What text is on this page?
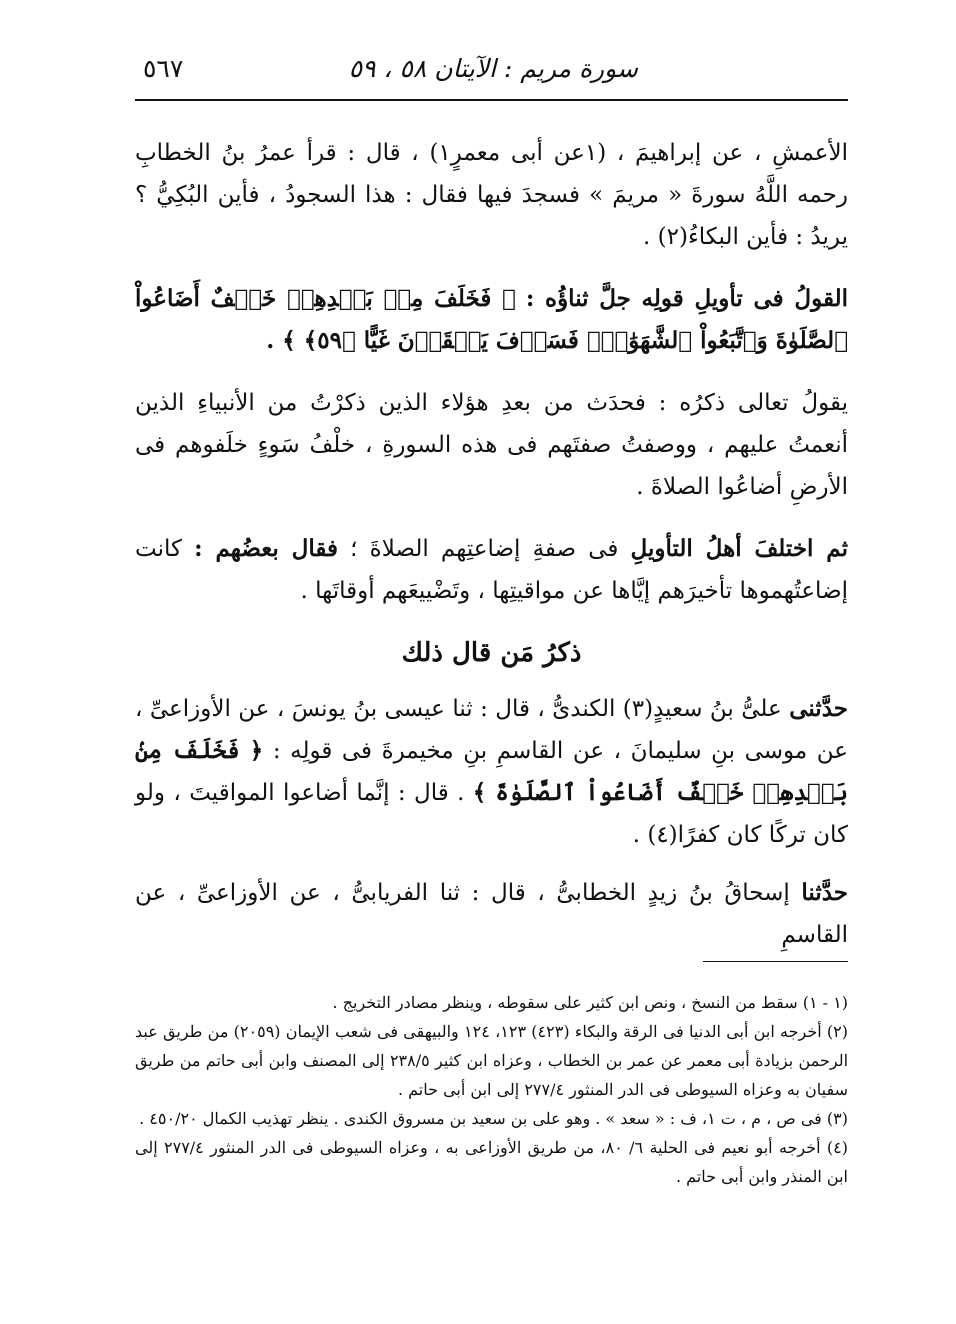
سورة مريم : الآيتان ٥٨ ، ٥٩
٥٦٧

الأعمشِ ، عن إبراهيمَ ، (١عن أبى معمرٍ١) ، قال : قرأ عمرُ بنُ الخطابِ رحمه اللَّهُ سورةَ « مريمَ » فسجدَ فيها فقال : هذا السجودُ ، فأين البُكِيُّ ؟ يريدُ : فأين البكاءُ(٢) .

القولُ فى تأويلِ قولِه جلَّ ثناؤُه : ﴿ فَخَلَفَ مِنۢ بَعۡدِهِمۡ خَلۡفٌ أَضَاعُواْ ٱلصَّلَوٰةَ وَٱتَّبَعُواْ ٱلشَّهَوَٰتِۖ فَسَوۡفَ يَلۡقَوۡنَ غَيًّا ﴿٥٩﴾ ﴾ .

يقولُ تعالى ذكرُه : فحدَث من بعدِ هؤلاء الذين ذكرْتُ من الأنبياءِ الذين أنعمتُ عليهم ، ووصفتُ صفتَهم فى هذه السورةِ ، خلْفُ سَوءٍ خلَفوهم فى الأرضِ أضاعُوا الصلاةَ .

ثم اختلفَ أهلُ التأويلِ فى صفةِ إضاعتِهم الصلاةَ ؛ فقال بعضُهم : كانت إضاعتُهموها تأخيرَهم إيَّاها عن مواقيتِها ، وتَضْييعَهم أوقاتَها .

ذكرُ مَن قال ذلك

حدَّثنى علىُّ بنُ سعيدٍ(٣) الكندىُّ ، قال : ثنا عيسى بنُ يونسَ ، عن الأوزاعىِّ ، عن موسى بنِ سليمانَ ، عن القاسمِ بنِ مخيمرةَ فى قولِه : ﴿ فَخَلَفَ مِنۢ بَعۡدِهِمۡ خَلۡفٌ أَضَاعُواْ ٱلصَّلَوٰةَ ﴾ . قال : إنَّما أضاعوا المواقيتَ ، ولو كان تركًا كان كفرًا(٤) .

حدَّثنا إسحاقُ بنُ زيدٍ الخطابىُّ ، قال : ثنا الفريابىُّ ، عن الأوزاعىِّ ، عن القاسمِ

(١ - ١) سقط من النسخ ، ونص ابن كثير على سقوطه ، وينظر مصادر التخريج .

(٢) أخرجه ابن أبى الدنيا فى الرقة والبكاء (٤٢٣) ١٢٣، ١٢٤ والبيهقى فى شعب الإيمان (٢٠٥٩) من طريق عبد الرحمن بزيادة أبى معمر عن عمر بن الخطاب ، وعزاه ابن كثير ٢٣٨/٥ إلى المصنف وابن أبى حاتم من طريق سفيان به وعزاه السيوطى فى الدر المنثور ٢٧٧/٤ إلى ابن أبى حاتم .

(٣) فى ص ، م ، ت ١، ف : « سعد » . وهو على بن سعيد بن مسروق الكندى . ينظر تهذيب الكمال ٤٥٠/٢٠ .

(٤) أخرجه أبو نعيم فى الحلية ٦/ ٨٠، من طريق الأوزاعى به ، وعزاه السيوطى فى الدر المنثور ٢٧٧/٤ إلى ابن المنذر وابن أبى حاتم .
